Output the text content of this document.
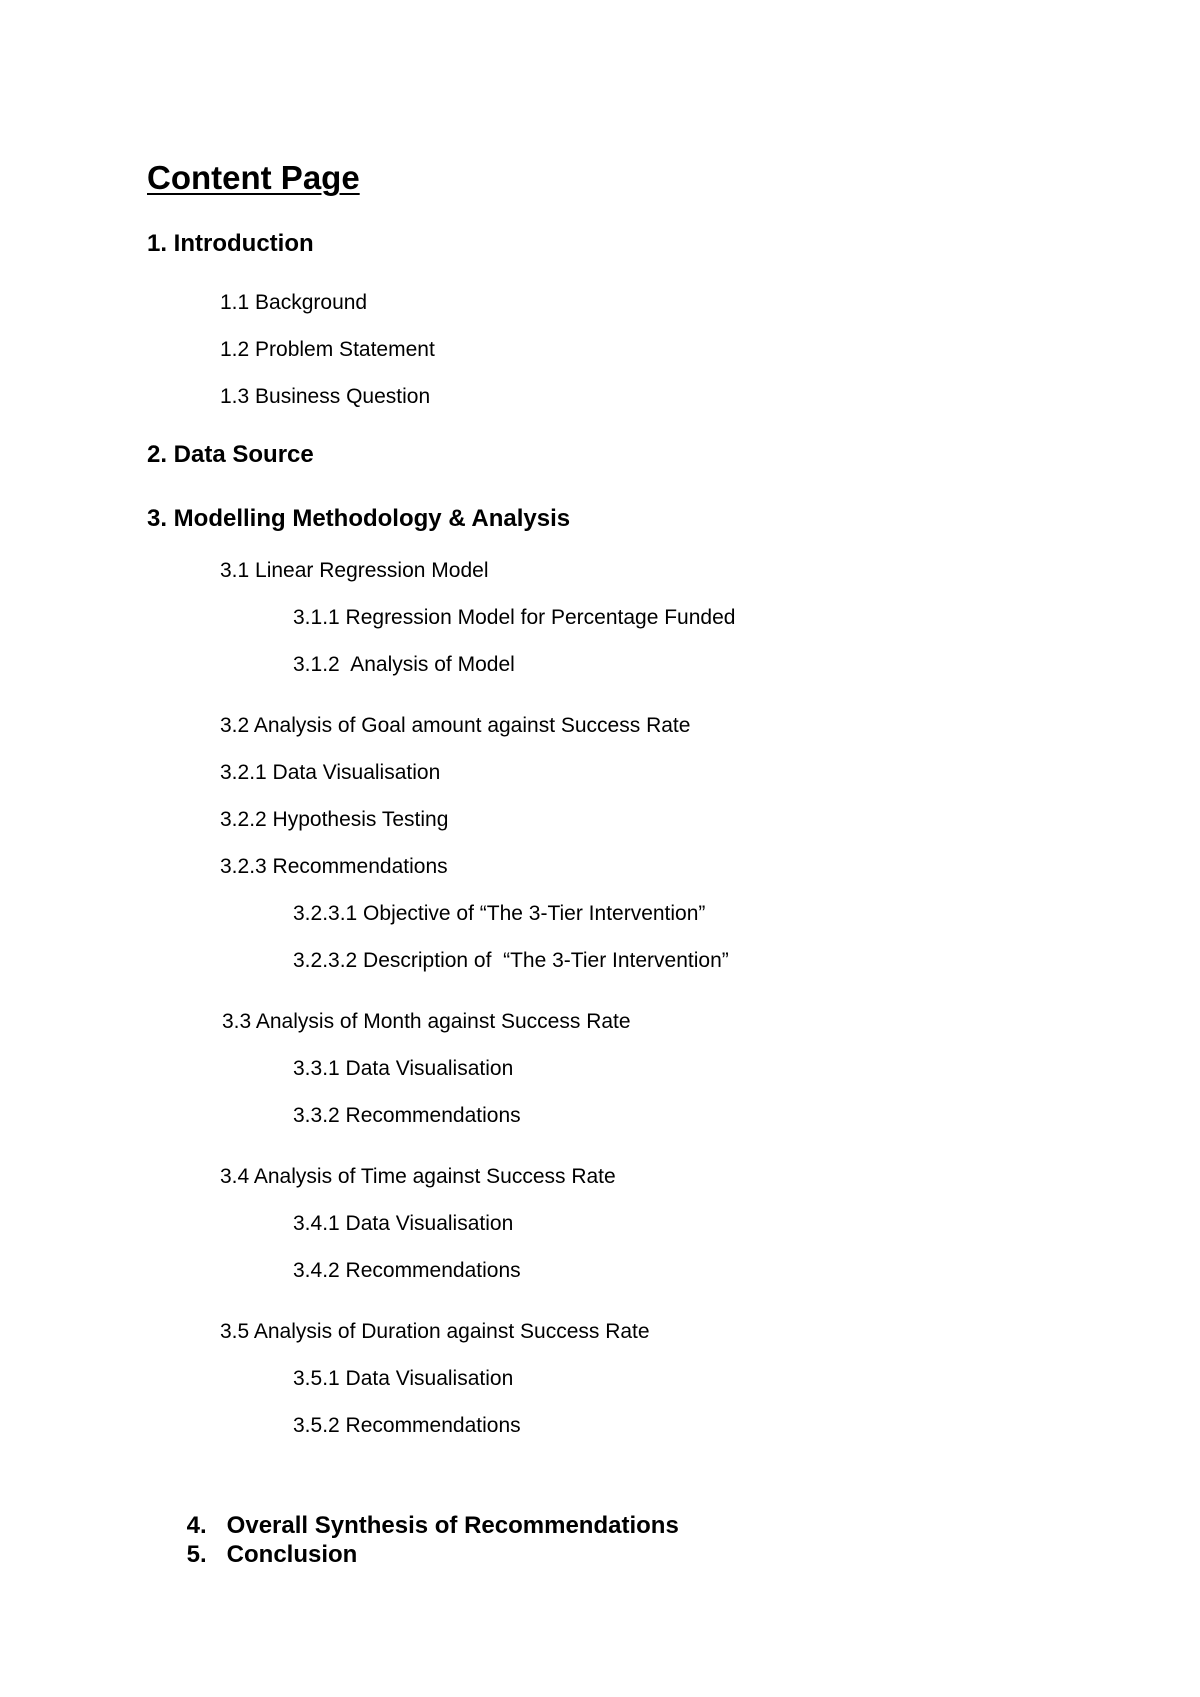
Content Page
1. Introduction
1.1 Background
1.2 Problem Statement
1.3 Business Question
2. Data Source
3. Modelling Methodology & Analysis
3.1 Linear Regression Model
3.1.1 Regression Model for Percentage Funded
3.1.2  Analysis of Model
3.2 Analysis of Goal amount against Success Rate
3.2.1 Data Visualisation
3.2.2 Hypothesis Testing
3.2.3 Recommendations
3.2.3.1 Objective of “The 3-Tier Intervention”
3.2.3.2 Description of  “The 3-Tier Intervention”
3.3 Analysis of Month against Success Rate
3.3.1 Data Visualisation
3.3.2 Recommendations
3.4 Analysis of Time against Success Rate
3.4.1 Data Visualisation
3.4.2 Recommendations
3.5 Analysis of Duration against Success Rate
3.5.1 Data Visualisation
3.5.2 Recommendations

4. Overall Synthesis of Recommendations

5. Conclusion
